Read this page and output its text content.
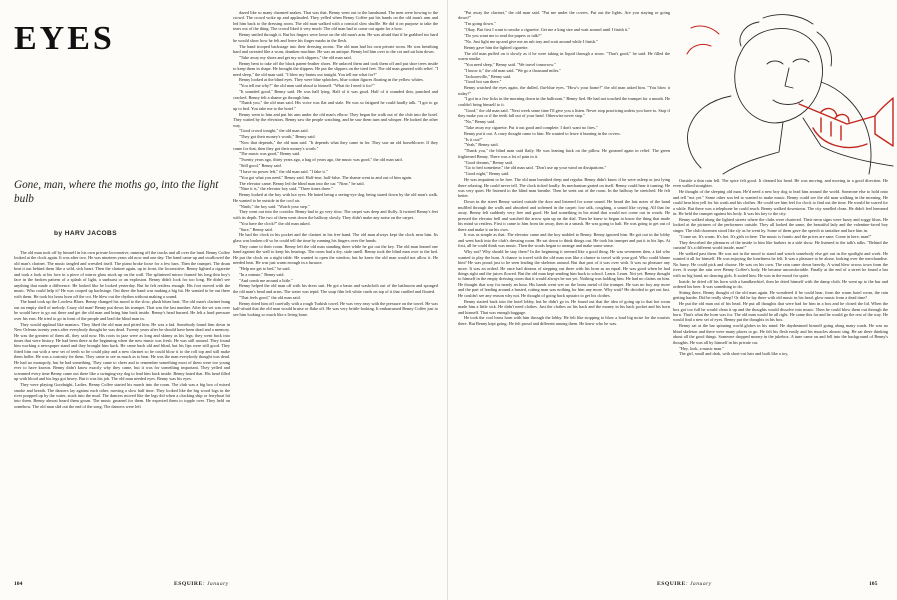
EYES
Gone, man, where the moths go, into the light bulb
by HARV JACOBS

The old man took off by himself in his own private locomotive, running off the tracks and all over the land. Benny Coffee looked at the clock again. It was after two. He was nineteen years old now and one day. The band came up and swallowed the old man's clarinet. The music tangled and wrestled itself. The piano broke loose for a few bars. Then the trumpet. The drum beat it out behind them like a wild, sick heart. Then the clarinet again, up in front, the locomotive. Benny lighted a cigarette and took a look at his face in a piece of mirror glass stuck up on the wall. The splintered mirror framed his long thin boy's face in the broken pattern of a splash of light, a sunburst or an explosion. Benny didn't look for too long. He didn't see anything that made a difference. He looked like he looked yesterday. But he felt restless enough. His foot moved with the music. Who could help it? He was cooped up backstage. Out there the band was making a big hit. He wanted to be out there with them. He took his brass horn off the cot. He blew out the rhythm without making a sound.

The band took up the Lowless Blues. Benny changed his mood to the slow, plush blues beat. The old man's clarinet hung out an empty shell of melody. Crazy old man! Benny put down his trumpet. That was the last number. After the set was over he would have to go out there and get the old man and bring him back inside. Benny's head burned. He felt a hard pressure over his ears. He tried to go in front of the people and lead the blind man in.

They would applaud like maniacs. They liked the old man and pitied him. He was a fad. Somebody found him down in New Orleans twenty years after everybody thought he was dead. Twenty years after he should have been dead and a memory. He was the greatest of them all, they said now. His roots in jazz were as long and skinny as his legs; they went back into times that were history. He had been there at the beginning when the new music was fresh. He was still around. They found him working a newspaper stand and they brought him back. He came back old and blind, but his lips were still good. They fitted him out with a new set of teeth so he could play and a new clarinet so he could blow it to the roll top and still make them holler. He was a curiosity for them. They came to see as much as to hear. He was the man everybody thought was dead. He had no monopoly, but he had something. They came to cheer and to remember something most of them were too young ever to have known. Benny didn't know exactly why they came, but it was for something important. They yelled and screamed every time Benny came out there like a swinging-ray dog to lead him back inside. Benny hated that. His head filled up with blood and his legs got heavy. But it was his job. The old man needed eyes. Benny was his eyes.

They were playing Goodnight, Ladies. Benny Coffee started his march into the room. The club was a big box of mixed smoke and breath. The dancers lay against each other, moving a slow half time. They looked like the big wood logs in the river propped up by the water, stuck into the mud. The dancers moved like the legs did when a clucking ship or ferryboat hit into them. Benny almost heard them groan. The music groaned for them. He expected them to topple over. They held on somehow. The old man slid out the end of the song. The dancers were left

dazed like so many charmed snakes. That was that. Benny went out to the bandstand. The men were bowing to the crowd. The crowd woke up and applauded. They yelled when Benny Coffee put his hands on the old man's arm and led him back to the dressing room. The old man walked with a comical slow shuffle. He did it on purpose to take the tears out of the thing. The crowd liked it very much. The old man had to come out again for a bow.

Benny smiled through it. But his fingers were loose on the old man's arm. He was afraid that if he grabbed too hard he would show how he felt and leave his finger marks in the flesh.

The band trooped backstage into their dressing rooms. The old man had his own private room. He was breathing hard and sweated like a worn, drunken machine. He was an antique. Benny led him over to the cot and sat him down.

"Take away my shoes and get my soft slippers," the old man said.

Benny bent to take off the black patent-leather shoes. He unlaced them and took them off and put shoe trees inside to keep them in shape. He brought the slippers. He put the slippers on the tired feet. The old man grunted with relief. "I need sleep," the old man said. "I blew my brains out tonight. You tell me what for?"

Benny looked at the blind eyes. They were blue splotches, blue cotton figures floating in the yellow whites.

"You tell me why?" the old man said aloud to himself. "What do I need it for?"

"It sounded good," Benny said. He was half lying. Half of it was good. Half of it sounded thin, punched and cracked. Benny felt a shame go through him.

"Thank you," the old man said. His voice was flat and stale. He was so fatigued he could hardly talk. "I got to go up to bed. You take me to the hotel."

Benny went to him and put his arm under the old man's elbow. They began the walk out of the club into the hotel. They waited by the elevators. Benny saw the people watching, and he saw them turn and whisper. He looked the other way.

"Good crowd tonight," the old man said.

"They got their money's worth," Benny said.

"Now that depends," the old man said. "It depends what they came in for. They saw an old horseblower. If they came for that, then they got their money's worth."

"The music was good," Benny said.

"Twenty years ago, thirty years ago, a hag of years ago, the music was good," the old man said.

"Still good," Benny said.

"I have no power left," the old man said. "I fake it."

"You got what you need," Benny said. Half-true, half-false. The shame went in and out of him again.

The elevator came. Benny led the blind man into the car. "Nine," he said.

"Nine it is," the elevator boy said. "Three times three."

Benny looked at the boy with hot eyes. He hated being a seeing-eye dog, being stared down by the old man's walk. He wanted to be outside in the cool air.

"Ninth," the boy said. "Watch your step."

They went out into the corridor. Benny had to go very slow. The carpet was deep and fluffy. It twisted Benny's feet with its depth. The two of them went down the hallway slowly. They didn't make any noise on the carpet.

"You have the clock?" the old man asked.

"Sure," Benny said.

He had the clock in his pocket and the clarinet in his free hand. The old man always kept the clock near him. Its glass was broken off so he could tell the time by running his fingers over the hands.

They came to their room. Benny left the old man standing there while he got out the key. The old man leaned one hand against the wall to keep his bearings. The room had a dry, stale smell. Benny took the blind man over to the bed. He put the clock on a night table. He wanted to open the window, but he knew the old man would not allow it. He needed heat. He was just warm enough in a furnace.

"Help me get to bed," he said.

"In a minute," Benny said.

"And comb me around a little."

Benny helped the old man off with his dress suit. He got a basin and washcloth out of the bathroom and sponged the old man's head and arms. The water was tepid. The soap film left white curds on top of it that curdled and floated.

"That feels good," the old man said.

Benny dried him off carefully with a rough Turkish towel. He was very easy with the pressure on the towel. He was half-afraid that the old man would bruise or flake off. He was very brittle-looking. It embarrassed Benny Coffee just to see him looking so much like a living bone.

104	ESQUIRE: January

"Put away the clarinet," the old man said. "Put me under the covers. Put out the lights. Are you staying or going down?"

"I'm going down."

"Okay. But first I want to smoke a cigarette. Get me a king size and wait around until I finish it."

"Do you want me to read the papers or talk?"

"No. Just light me up and give me an ash tray and wait around while I finish."

Benny gave him the lighted cigarette.

The old man puffed on it slowly as if he were taking in liquid through a straw. "That's good," he said. He filled the warm smoke.

"You need sleep," Benny said. "We travel tomorrow."

"I know it," the old man said. "We go a thousand miles."

"Jacksonville," Benny said.

"Good hot sun there."

Benny watched the eyes again, the dulled, flat-blue eyes. "How's your home?" the old man asked him. "You blow it today?"

"I got in a few licks in the morning down in the ballroom," Benny lied. He had not touched the trumpet for a month. He couldn't bring himself to it.

"Good," the old man said. "Next week some time I'll give you a listen. Never stop practicing unless you have to. Stop if they make you or if the teeth fall out of your head. Otherwise never stop."

"No," Benny said.

"Take away my cigarette. Put it out good and complete. I don't want no fires."

Benny put it out. A crazy thought came to him. He wanted to leave it burning in the covers.

"Is it out?"

"Yeah," Benny said.

"Thank you," the blind man said flatly. He was leaning back on the pillow. He groaned again in relief. The green frightened Benny. There was a lot of pain in it.

"Good dreams," Benny said.

"Go to bed sometime," the old man said. "Don't use up your wind on dissipations."

"Good night," Benny said.

He was impatient to be free. The old man breathed deep and regular. Benny didn't know if he were asleep or just lying there relaxing. He could never tell. The clock ticked loudly. Its mechanism grated on itself. Benny could hear it turning. He was very quiet. He listened to the blind man breathe. Then he went out of the room. In the hallway he stretched. He felt better.

Down in the street Benny waited outside the door and listened for some sound. He heard the last notes of the band muffled through the walls and absorbed and softened in the carpet: low talk, coughing, a sound like crying. All that far away. Benny felt suddenly very free and good. He had something in his mind that would not come out in words. He pressed the elevator bell and watched the arrow spin up on the dial. Then he knew to begun to know the thing that made his mind so restless. First it came to him from far away, then in a smash. He was going to halt. He was going to get out of there and make it on his own.

It was as simple as that. The elevator came and the boy nodded to Benny. Benny ignored him. He got out in the lobby and went back into the club's dressing room. He sat down to think things out. He took his trumpet and put it to his lips. At first, all he could think was music. Then the words began to arrange and make some sense.

Why not? Why should he stay there? In the beginning it seemed like a good thing. He was seventeen then, a kid who wanted to play the horn. A chance to travel with the old man was like a chance to travel with your god. Who could blame him? He was proud just to be seen leading the skeleton around. But that part of it was over with. It was no pleasure any more. It was an ordeal. He once had dreams of stepping out there with his horn as an equal. He was good when he had things right and the juices flowed. But the old man kept sending him back to school. Learn. Learn. Not yet. Benny thought to himself in the empty dressing room that it would always be not yet. Nothing was holding him. He had no claims on him. He thought that way for nearly an hour. His hands went wet on the brass metal of the trumpet. He was no boy any more and the part of leading around a busted, rotting man was nothing for him any more. Why wait? He decided to get out fast. He couldn't see any reason why not. He thought of going back upstairs to get his clothes.

Benny started back into the hotel lobby, but he didn't go in. He found out that the idea of going up to that hot room made him a little sick. He didn't need clothes. Just the clothes on his back and the money in his back pocket and his horn and himself. That was enough baggage.

He took the cool brass horn with him through the lobby. He felt like stopping to blow a loud big noise for the tourists there. But Benny kept going. He felt proud and different among them. He knew who he was.

Outside a thin rain fell. The spice felt good. It cleaned his head. He was moving, and moving in a good direction. He even walked straighter.

He thought of the sleeping old man. He'd need a new boy dog to lead him around the world. Someone else to hold onto and tell "not yet." Some other son led to wanted to make music. Benny could see the old man walking in the morning. He could hear him yell for his wash and his clothes. He could see him feel for clock to find out the time. He would be scared for a while. But there was a telephone he could reach. Benny walked downtown. The city smelled clean. He didn't feel hemmed in. He held the trumpet against his body. It was his key to the city.

Benny walked along the lighted streets where the clubs were clustered. Their neon signs were fuzzy and soggy blurs. He looked at the pictures of the performers outside. They all looked the same, the beautiful lady and the valentine-faced boy singer. The club doormen stood like sly as he went by. Some of them gave the speech to tantalize and lure him in.

"Come on. It's warm. It's hot. It's girls in here. The music is frantic and the prices are sane. Come in here, man!"

They described the pleasures of the inside to him like barkers in a side show. He listened to the talk's talks. "Behind the curtain! It's a different world inside, man!"

He walked past them. He was not in the mood to stand and watch somebody else get out in the spotlight and work. He wanted it all for himself. He was enjoying the loneliness he felt. It was a pleasure to be alone, looking over the merchandise. No hurry. He could pick and choose. He was on his own. The rain came down heavily. A wind blew across town from the river. It swept the rain over Benny Coffee's body. He became uncomfortable. Finally at the end of a street he found a bar with no big band, no dancing girls. It suited him. He was in the mood for quiet.

Inside, he dried off his horn with a handkerchief, then he dried himself with the damp cloth. He went up to the bar and ordered his beer. It was something to do.

Sitting there, Benny thought of the old man again. He wondered if he could hear, from the warm hotel room, the rain getting harder. Did he really sleep? Or did he lay there with old music in his head, glow music from a dead time?

He put the old man out of his head. He put all thoughts that were bad for him in a box and he closed the lid. When the box got too full he would clean it up and the thoughts would dissolve into music. Then he could blow them out through the horn. That's what the horn was for. The old man would be all right. He came this far and he would go the rest of the way. He would find a new set of eyes. Benny put the thoughts in his box.

Benny sat at the bar spinning world globes in his mind. He daydreamed himself going along many roads. He was no blind skeleton and there were many places to go. He felt his flesh easily and his muscles almost sing. He sat there thinking about all the good things. Someone dropped money in the jukebox. A tune came on and fell into the background of Benny's thoughts. He was all by himself in his private car.

"Hey, look, a music man."

The girl, small and dark, with short-cut hair and built like a toy,

ESQUIRE: January	105
